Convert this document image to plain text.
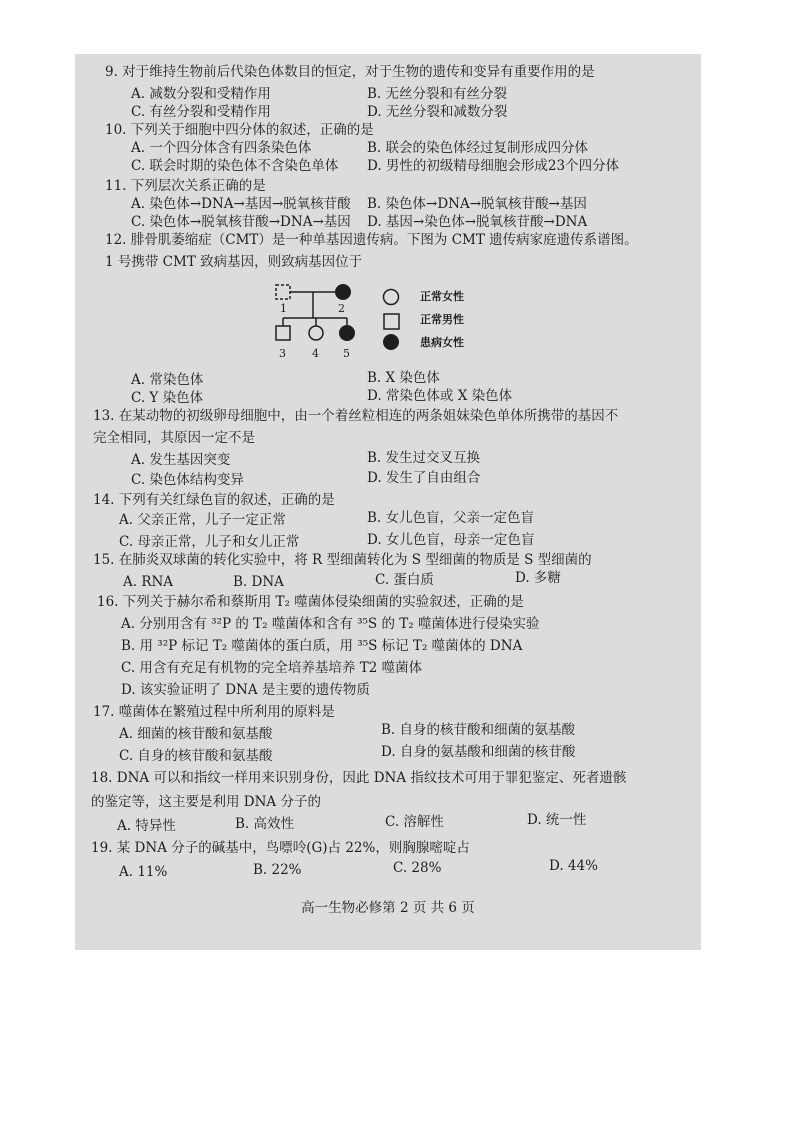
9. 对于维持生物前后代染色体数目的恒定，对于生物的遗传和变异有重要作用的是
A. 减数分裂和受精作用	B. 无丝分裂和有丝分裂
C. 有丝分裂和受精作用	D. 无丝分裂和减数分裂
10. 下列关于细胞中四分体的叙述，正确的是
A. 一个四分体含有四条染色体	B. 联会的染色体经过复制形成四分体
C. 联会时期的染色体不含染色单体 D. 男性的初级精母细胞会形成23个四分体
11. 下列层次关系正确的是
A. 染色体→DNA→基因→脱氧核苷酸 B. 染色体→DNA→脱氧核苷酸→基因
C. 染色体→脱氧核苷酸→DNA→基因 D. 基因→染色体→脱氧核苷酸→DNA
12. 腓骨肌萎缩症（CMT）是一种单基因遗传病。下图为 CMT 遗传病家庭遗传系谱图。
1 号携带 CMT 致病基因，则致病基因位于
1	2
3 4 5
正常女性
正常男性
患病女性
A. 常染色体	B. X 染色体
C. Y 染色体	D. 常染色体或 X 染色体
13. 在某动物的初级卵母细胞中，由一个着丝粒相连的两条姐妹染色单体所携带的基因不
完全相同，其原因一定不是
A. 发生基因突变	B. 发生过交叉互换
C. 染色体结构变异	D. 发生了自由组合
14. 下列有关红绿色盲的叙述，正确的是
A. 父亲正常，儿子一定正常	B. 女儿色盲，父亲一定色盲
C. 母亲正常，儿子和女儿正常	D. 女儿色盲，母亲一定色盲
15. 在肺炎双球菌的转化实验中，将 R 型细菌转化为 S 型细菌的物质是 S 型细菌的
A. RNA	B. DNA	C. 蛋白质	D. 多糖
16. 下列关于赫尔希和蔡斯用 T₂ 噬菌体侵染细菌的实验叙述，正确的是
A. 分别用含有 ³²P 的 T₂ 噬菌体和含有 ³⁵S 的 T₂ 噬菌体进行侵染实验
B. 用 ³²P 标记 T₂ 噬菌体的蛋白质，用 ³⁵S 标记 T₂ 噬菌体的 DNA
C. 用含有充足有机物的完全培养基培养 T2 噬菌体
D. 该实验证明了 DNA 是主要的遗传物质
17. 噬菌体在繁殖过程中所利用的原料是
A. 细菌的核苷酸和氨基酸	B. 自身的核苷酸和细菌的氨基酸
C. 自身的核苷酸和氨基酸	D. 自身的氨基酸和细菌的核苷酸
18. DNA 可以和指纹一样用来识别身份，因此 DNA 指纹技术可用于罪犯鉴定、死者遗骸
的鉴定等，这主要是利用 DNA 分子的
A. 特异性	B. 高效性	C. 溶解性	D. 统一性
19. 某 DNA 分子的碱基中，鸟嘌呤(G)占 22%，则胸腺嘧啶占
A. 11%	B. 22%	C. 28%	D. 44%
高一生物必修第 2 页 共 6 页
